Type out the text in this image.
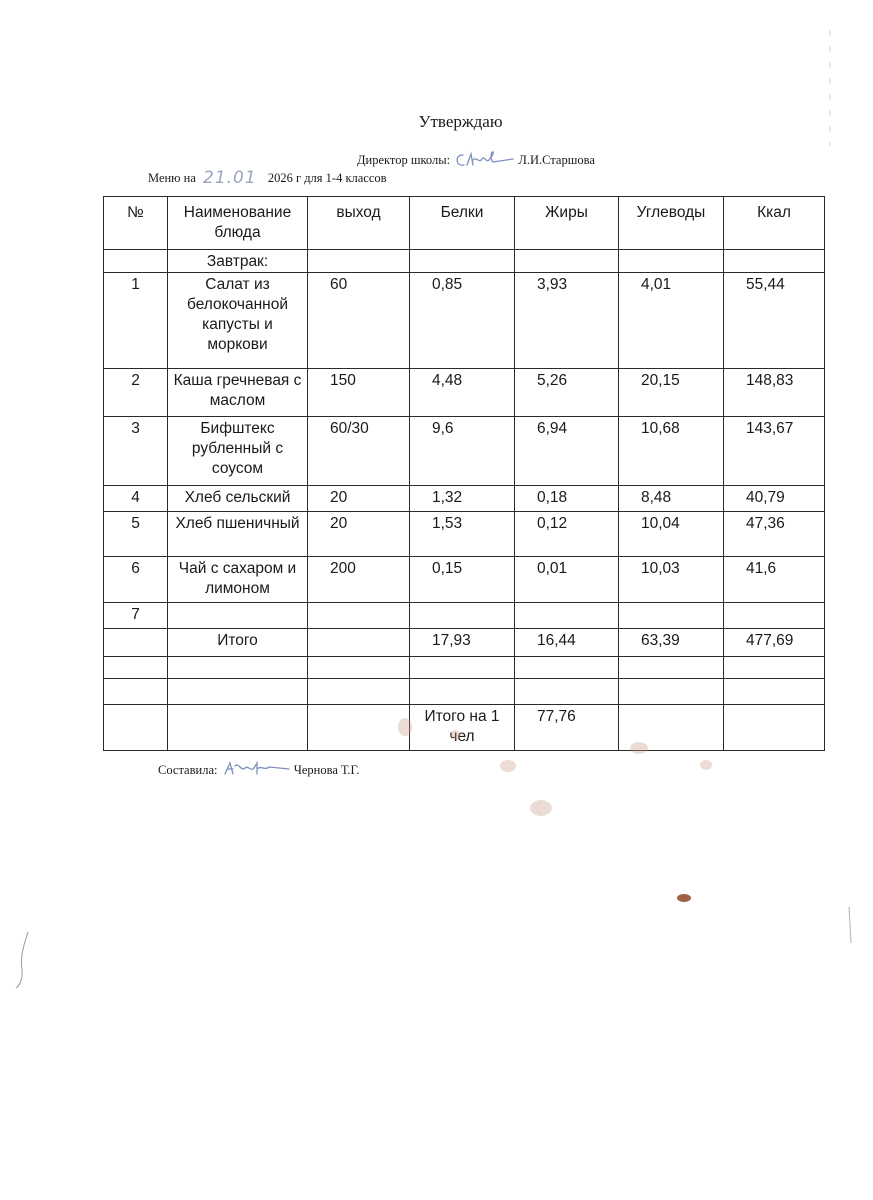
Утверждаю
Директор школы:	Л.И.Старшова
Меню на 21.01 2026 г для 1-4 классов
№	Наименование блюда	выход	Белки	Жиры	Углеводы	Ккал
	Завтрак:					
1	Салат из белокочанной капусты и моркови	60	0,85	3,93	4,01	55,44
2	Каша гречневая с маслом	150	4,48	5,26	20,15	148,83
3	Бифштекс рубленный с соусом	60/30	9,6	6,94	10,68	143,67
4	Хлеб сельский	20	1,32	0,18	8,48	40,79
5	Хлеб пшеничный	20	1,53	0,12	10,04	47,36
6	Чай с сахаром и лимоном	200	0,15	0,01	10,03	41,6
7						
	Итого		17,93	16,44	63,39	477,69

			Итого на 1 чел	77,76		
Составила:	Чернова Т.Г.
